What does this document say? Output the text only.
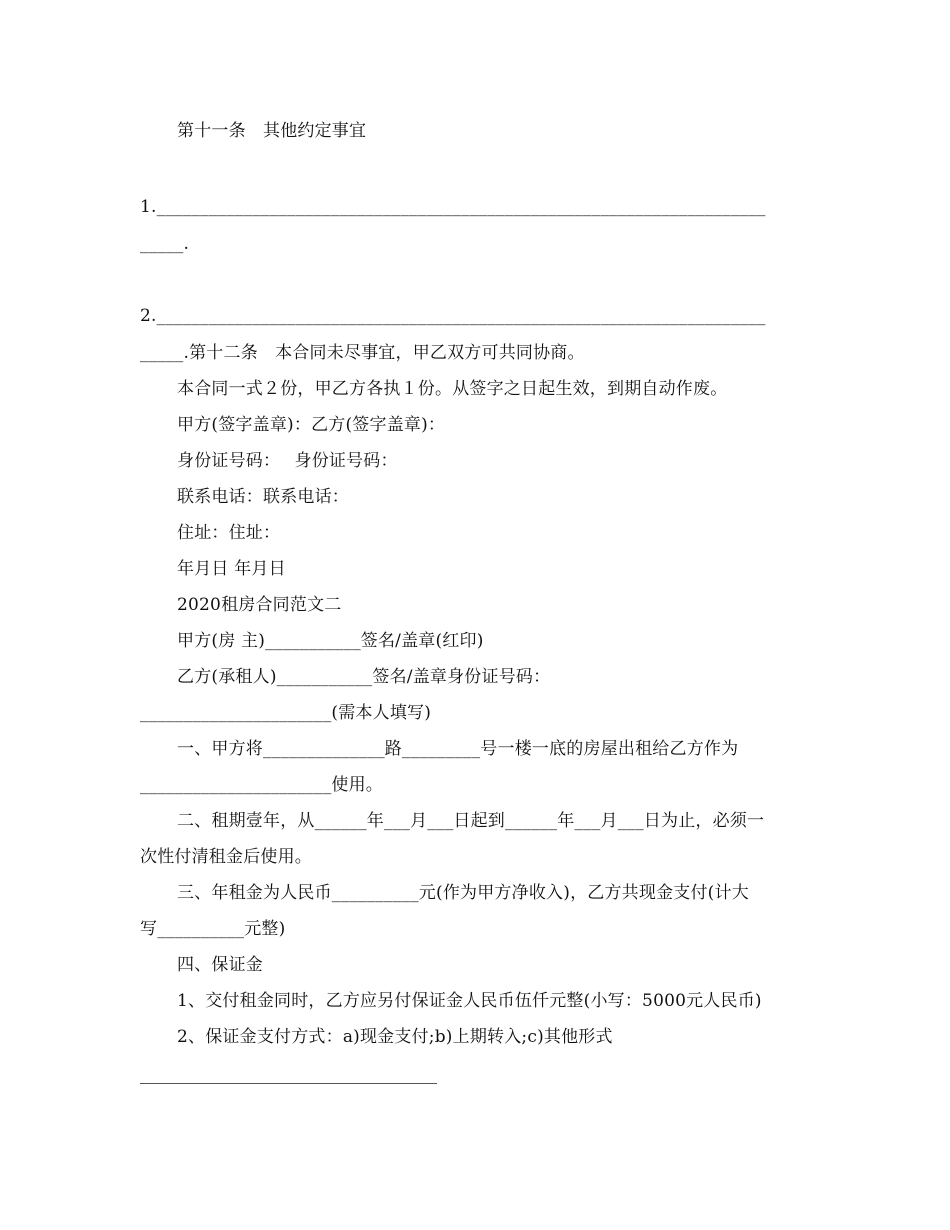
第十一条　其他约定事宜
1.______________________________________________________________________
_____.
2.______________________________________________________________________
_____.第十二条　本合同未尽事宜，甲乙双方可共同协商。
本合同一式２份，甲乙方各执１份。从签字之日起生效，到期自动作废。
甲方(签字盖章)：乙方(签字盖章)：
身份证号码：　 身份证号码：
联系电话：联系电话：
住址：住址：
年月日 年月日
2020租房合同范文二
甲方(房 主)___________签名/盖章(红印)
乙方(承租人)___________签名/盖章身份证号码：
______________________(需本人填写)
一、甲方将______________路_________号一楼一底的房屋出租给乙方作为
______________________使用。
二、租期壹年，从______年___月___日起到______年___月___日为止，必须一
次性付清租金后使用。
三、年租金为人民币__________元(作为甲方净收入)，乙方共现金支付(计大
写__________元整)
四、保证金
1、交付租金同时，乙方应另付保证金人民币伍仟元整(小写：5000元人民币)
2、保证金支付方式：a)现金支付;b)上期转入;c)其他形式
